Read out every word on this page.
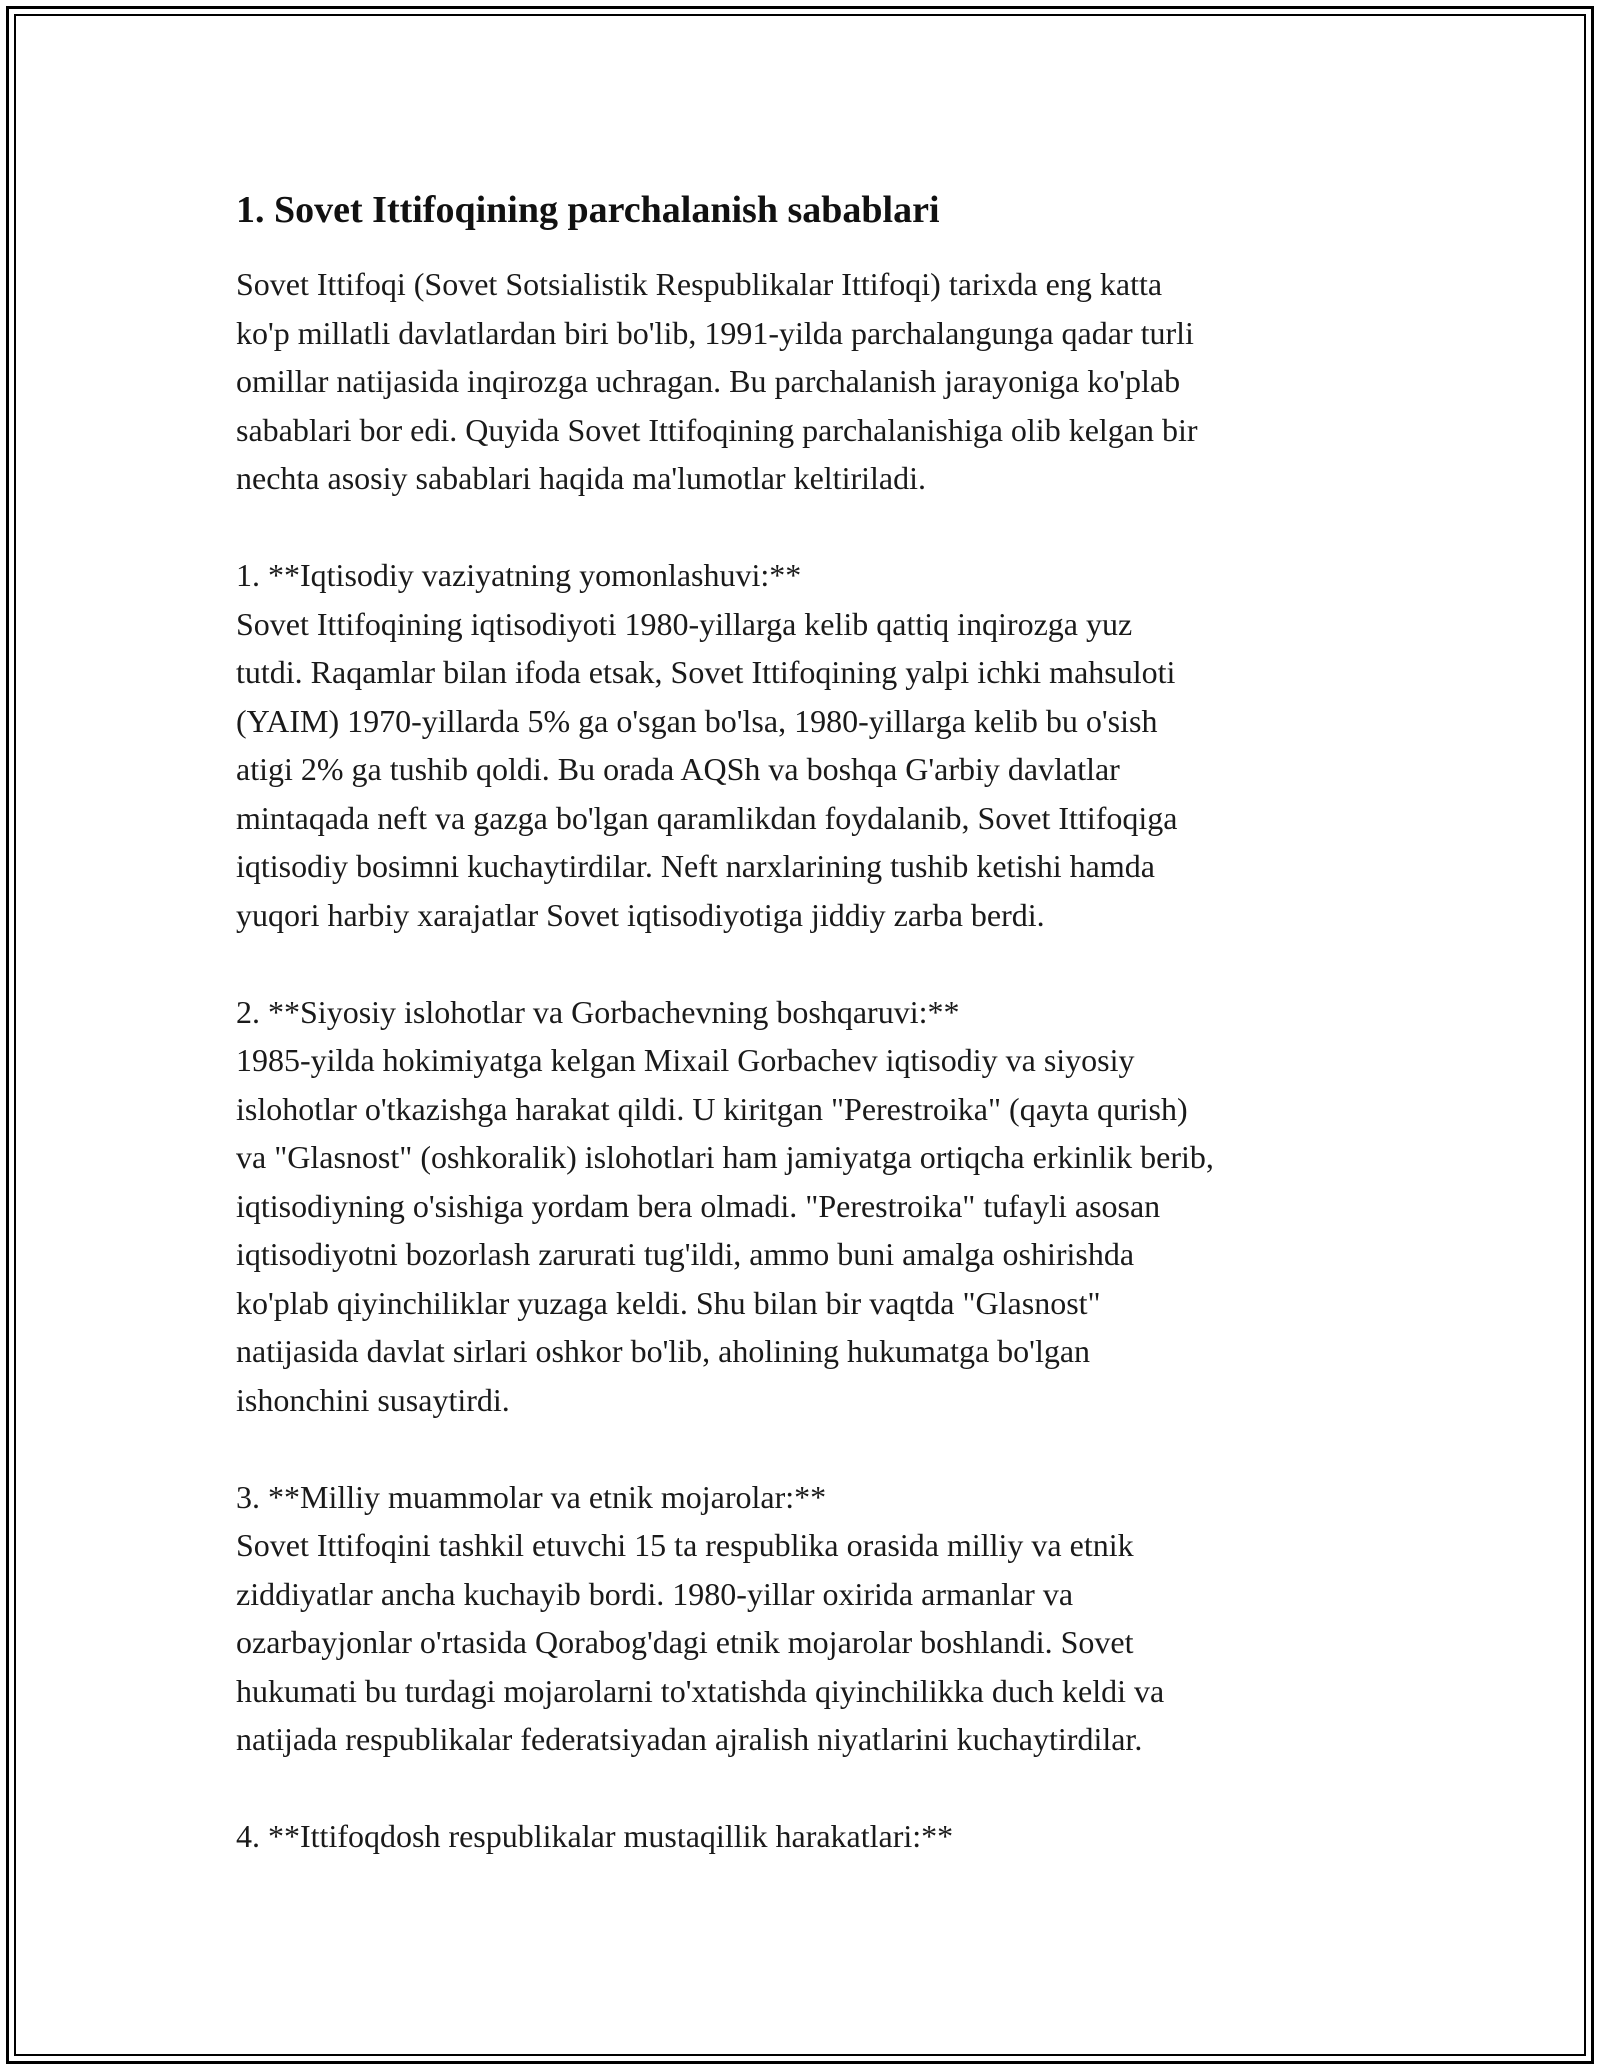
1. Sovet Ittifoqining parchalanish sabablari

Sovet Ittifoqi (Sovet Sotsialistik Respublikalar Ittifoqi) tarixda eng katta
ko'p millatli davlatlardan biri bo'lib, 1991-yilda parchalangunga qadar turli
omillar natijasida inqirozga uchragan. Bu parchalanish jarayoniga ko'plab
sabablari bor edi. Quyida Sovet Ittifoqining parchalanishiga olib kelgan bir
nechta asosiy sabablari haqida ma'lumotlar keltiriladi.

1. **Iqtisodiy vaziyatning yomonlashuvi:**

Sovet Ittifoqining iqtisodiyoti 1980-yillarga kelib qattiq inqirozga yuz
tutdi. Raqamlar bilan ifoda etsak, Sovet Ittifoqining yalpi ichki mahsuloti
(YAIM) 1970-yillarda 5% ga o'sgan bo'lsa, 1980-yillarga kelib bu o'sish
atigi 2% ga tushib qoldi. Bu orada AQSh va boshqa G'arbiy davlatlar
mintaqada neft va gazga bo'lgan qaramlikdan foydalanib, Sovet Ittifoqiga
iqtisodiy bosimni kuchaytirdilar. Neft narxlarining tushib ketishi hamda
yuqori harbiy xarajatlar Sovet iqtisodiyotiga jiddiy zarba berdi.

2. **Siyosiy islohotlar va Gorbachevning boshqaruvi:**

1985-yilda hokimiyatga kelgan Mixail Gorbachev iqtisodiy va siyosiy
islohotlar o'tkazishga harakat qildi. U kiritgan "Perestroika" (qayta qurish)
va "Glasnost" (oshkoralik) islohotlari ham jamiyatga ortiqcha erkinlik berib,
iqtisodiyning o'sishiga yordam bera olmadi. "Perestroika" tufayli asosan
iqtisodiyotni bozorlash zarurati tug'ildi, ammo buni amalga oshirishda
ko'plab qiyinchiliklar yuzaga keldi. Shu bilan bir vaqtda "Glasnost"
natijasida davlat sirlari oshkor bo'lib, aholining hukumatga bo'lgan
ishonchini susaytirdi.

3. **Milliy muammolar va etnik mojarolar:**

Sovet Ittifoqini tashkil etuvchi 15 ta respublika orasida milliy va etnik
ziddiyatlar ancha kuchayib bordi. 1980-yillar oxirida armanlar va
ozarbayjonlar o'rtasida Qorabog'dagi etnik mojarolar boshlandi. Sovet
hukumati bu turdagi mojarolarni to'xtatishda qiyinchilikka duch keldi va
natijada respublikalar federatsiyadan ajralish niyatlarini kuchaytirdilar.

4. **Ittifoqdosh respublikalar mustaqillik harakatlari:**
